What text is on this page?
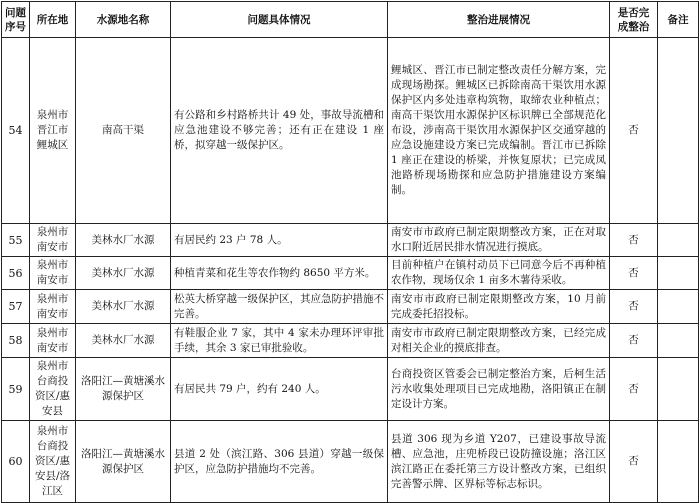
问题序号	所在地	水源地名称	问题具体情况	整治进展情况	是否完成整治	备注
54	泉州市晋江市鲤城区	南高干渠	有公路和乡村路桥共计 49 处，事故导流槽和应急池建设不够完善；还有正在建设 1 座桥，拟穿越一级保护区。	鲤城区、晋江市已制定整改责任分解方案，完成现场勘探。鲤城区已拆除南高干渠饮用水源保护区内多处违章构筑物，取缔农业种植点；南高干渠饮用水源保护区标识牌已全部规范化布设，涉南高干渠饮用水源保护区交通穿越的应急设施建设方案已完成编制。晋江市已拆除 1 座正在建设的桥梁，并恢复原状；已完成凤池路桥现场勘探和应急防护措施建设方案编制。	否	
55	泉州市南安市	美林水厂水源	有居民约 23 户 78 人。	南安市市政府已制定限期整改方案，正在对取水口附近居民排水情况进行摸底。	否	
56	泉州市南安市	美林水厂水源	种植青菜和花生等农作物约 8650 平方米。	目前种植户在镇村动员下已同意今后不再种植农作物，现场仅余 1 亩多木薯待采收。	否	
57	泉州市南安市	美林水厂水源	松英大桥穿越一级保护区，其应急防护措施不完善。	南安市市政府已制定限期整改方案，10 月前完成委托招投标。	否	
58	泉州市南安市	美林水厂水源	有鞋服企业 7 家，其中 4 家未办理环评审批手续，其余 3 家已审批验收。	南安市市政府已制定限期整改方案，已经完成对相关企业的摸底排查。	否	
59	泉州市台商投资区/惠安县	洛阳江—黄塘溪水源保护区	有居民共 79 户，约有 240 人。	台商投资区管委会已制定整治方案，后柯生活污水收集处理项目已完成地勘，洛阳镇正在制定设计方案。	否	
60	泉州市台商投资区/惠安县/洛江区	洛阳江—黄塘溪水源保护区	县道 2 处（滨江路、306 县道）穿越一级保护区，应急防护措施均不完善。	县道 306 现为乡道 Y207，已建设事故导流槽、应急池，庄兜桥段已设防撞设施；洛江区滨江路正在委托第三方设计整改方案，已组织完善警示牌、区界标等标志标识。	否	
